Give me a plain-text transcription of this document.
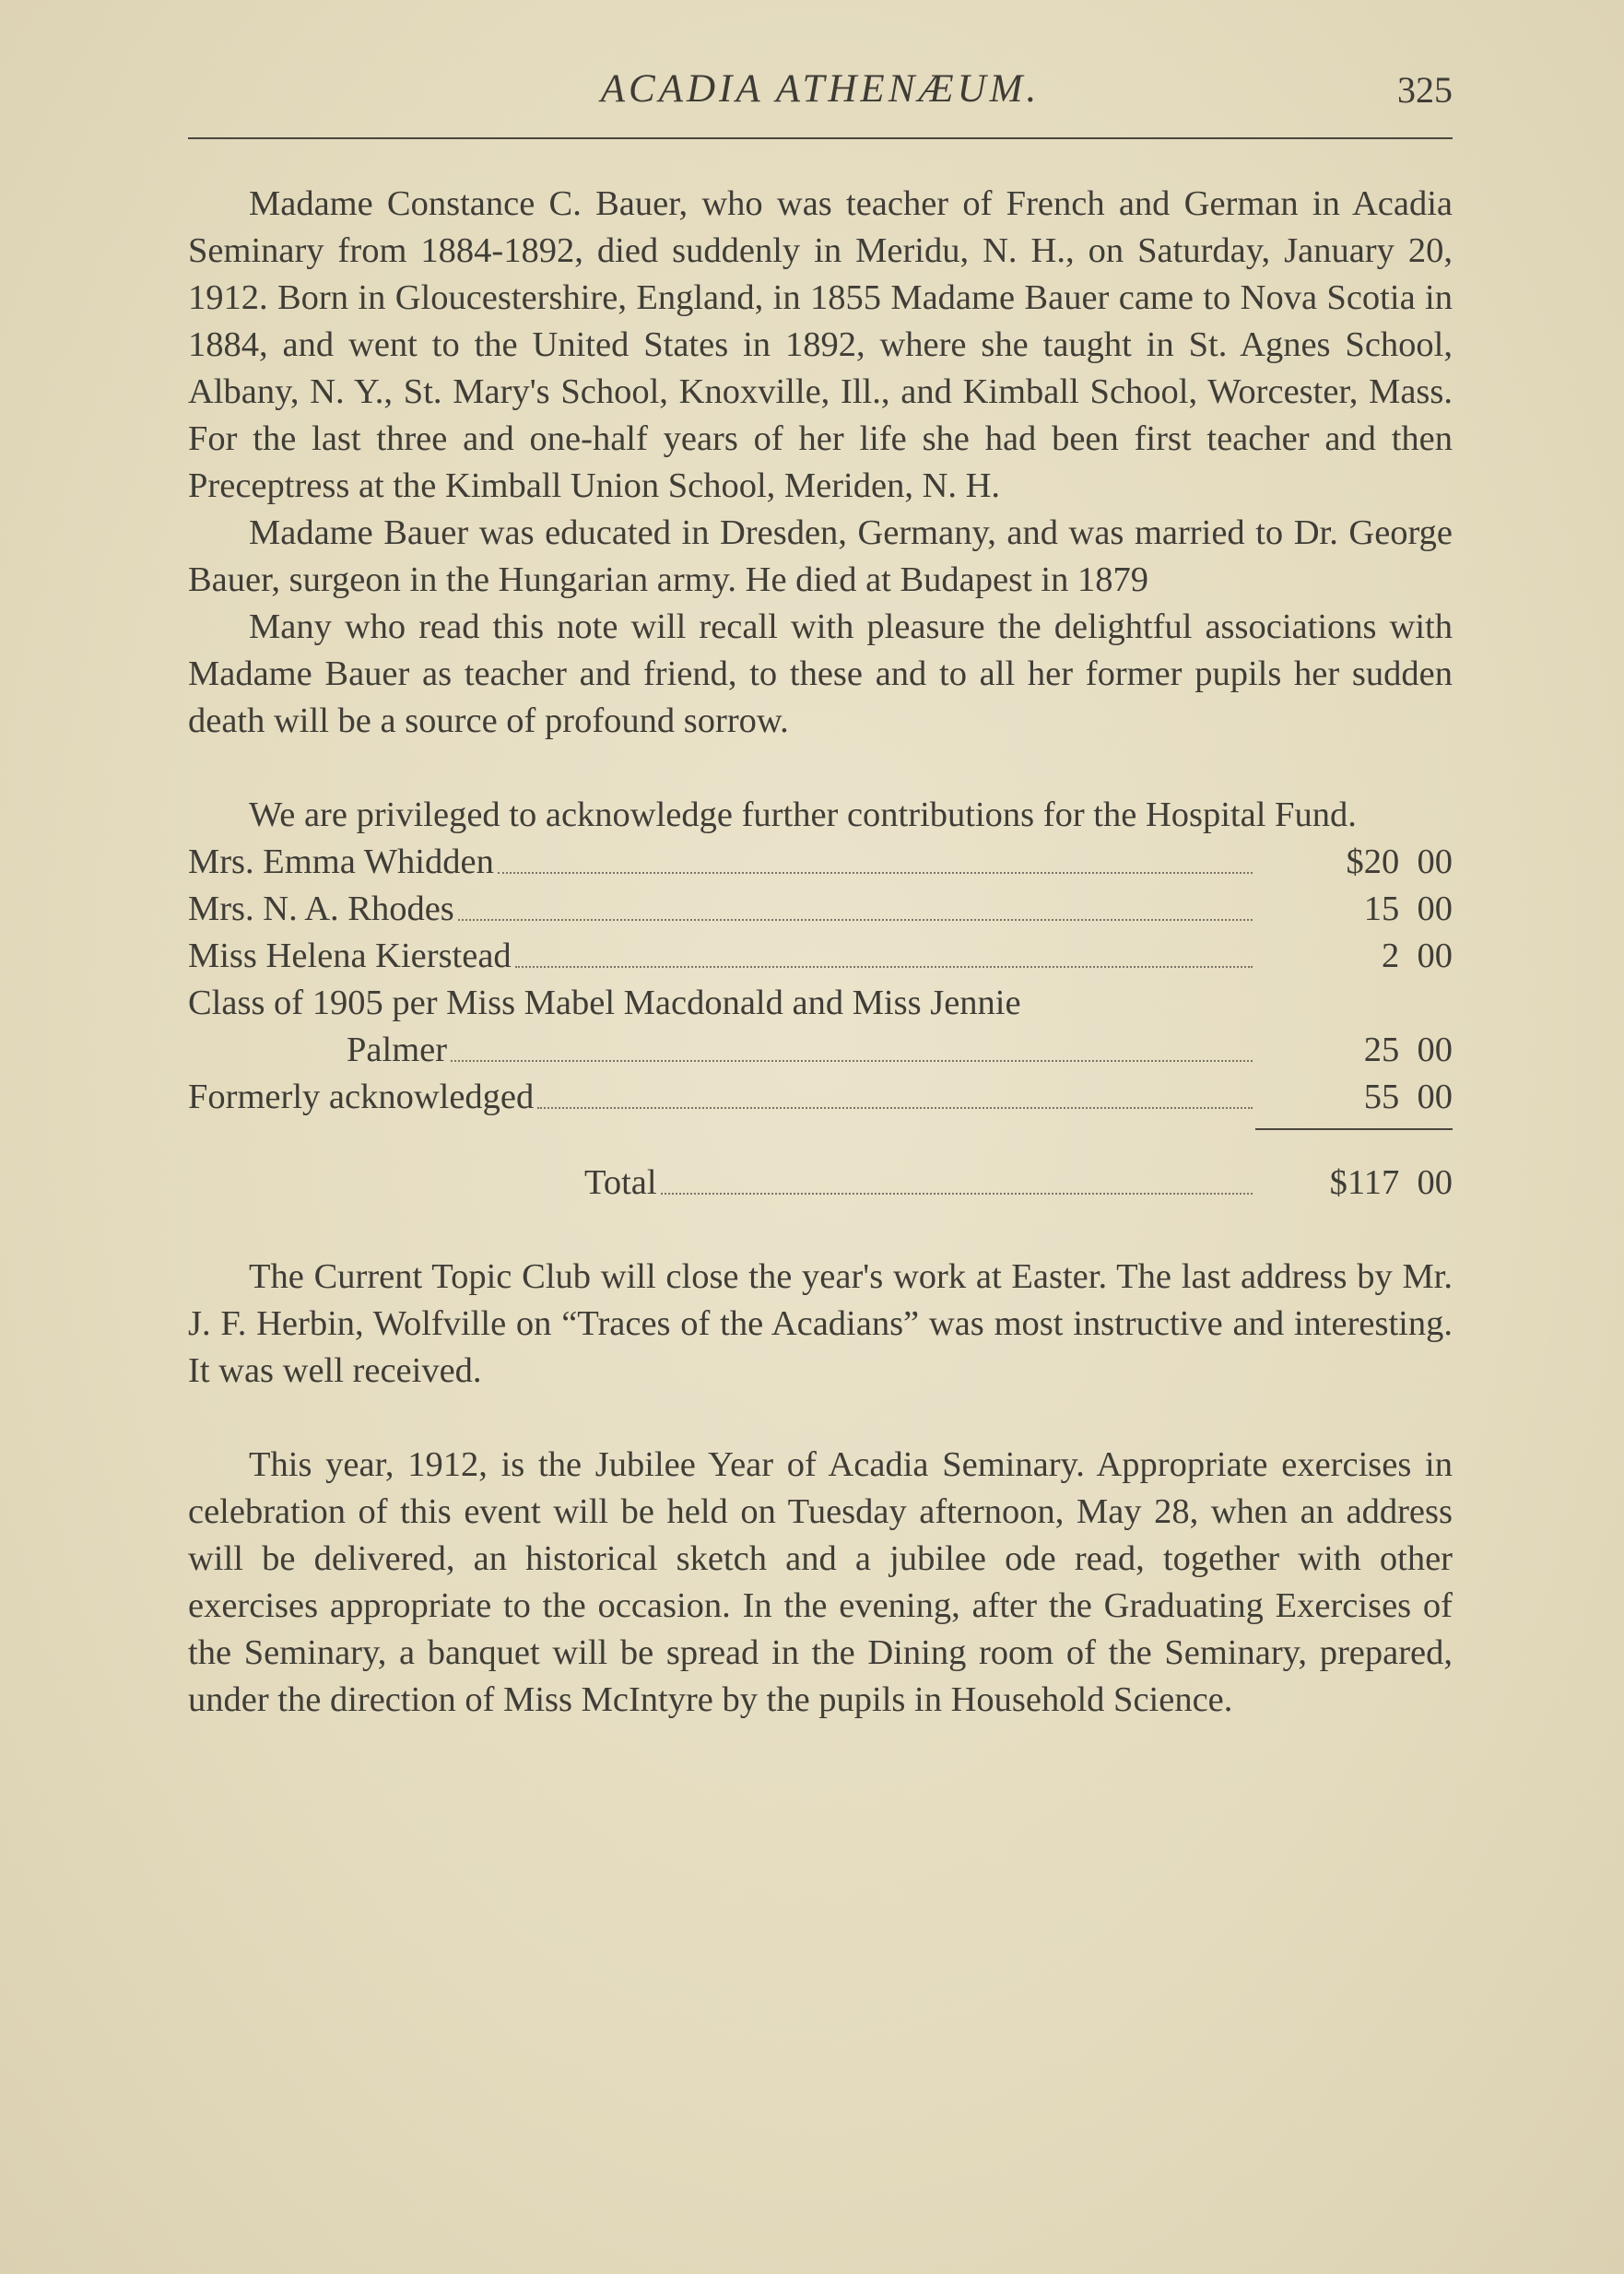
ACADIA ATHENÆUM.	325

Madame Constance C. Bauer, who was teacher of French and German in Acadia Seminary from 1884-1892, died suddenly in Meridu, N. H., on Saturday, January 20, 1912. Born in Gloucestershire, England, in 1855 Madame Bauer came to Nova Scotia in 1884, and went to the United States in 1892, where she taught in St. Agnes School, Albany, N. Y., St. Mary's School, Knoxville, Ill., and Kimball School, Worcester, Mass. For the last three and one-half years of her life she had been first teacher and then Preceptress at the Kimball Union School, Meriden, N. H.

Madame Bauer was educated in Dresden, Germany, and was married to Dr. George Bauer, surgeon in the Hungarian army. He died at Budapest in 1879

Many who read this note will recall with pleasure the delightful associations with Madame Bauer as teacher and friend, to these and to all her former pupils her sudden death will be a source of profound sorrow.

We are privileged to acknowledge further contributions for the Hospital Fund.

Mrs. Emma Whidden	$20  00
Mrs. N. A. Rhodes	15  00
Miss Helena Kierstead	2  00
Class of 1905 per Miss Mabel Macdonald and Miss Jennie
Palmer	25  00
Formerly acknowledged	55  00
Total	$117  00

The Current Topic Club will close the year's work at Easter. The last address by Mr. J. F. Herbin, Wolfville on “Traces of the Acadians” was most instructive and interesting. It was well received.

This year, 1912, is the Jubilee Year of Acadia Seminary. Appropriate exercises in celebration of this event will be held on Tuesday afternoon, May 28, when an address will be delivered, an historical sketch and a jubilee ode read, together with other exercises appropriate to the occasion. In the evening, after the Graduating Exercises of the Seminary, a banquet will be spread in the Dining room of the Seminary, prepared, under the direction of Miss McIntyre by the pupils in Household Science.
